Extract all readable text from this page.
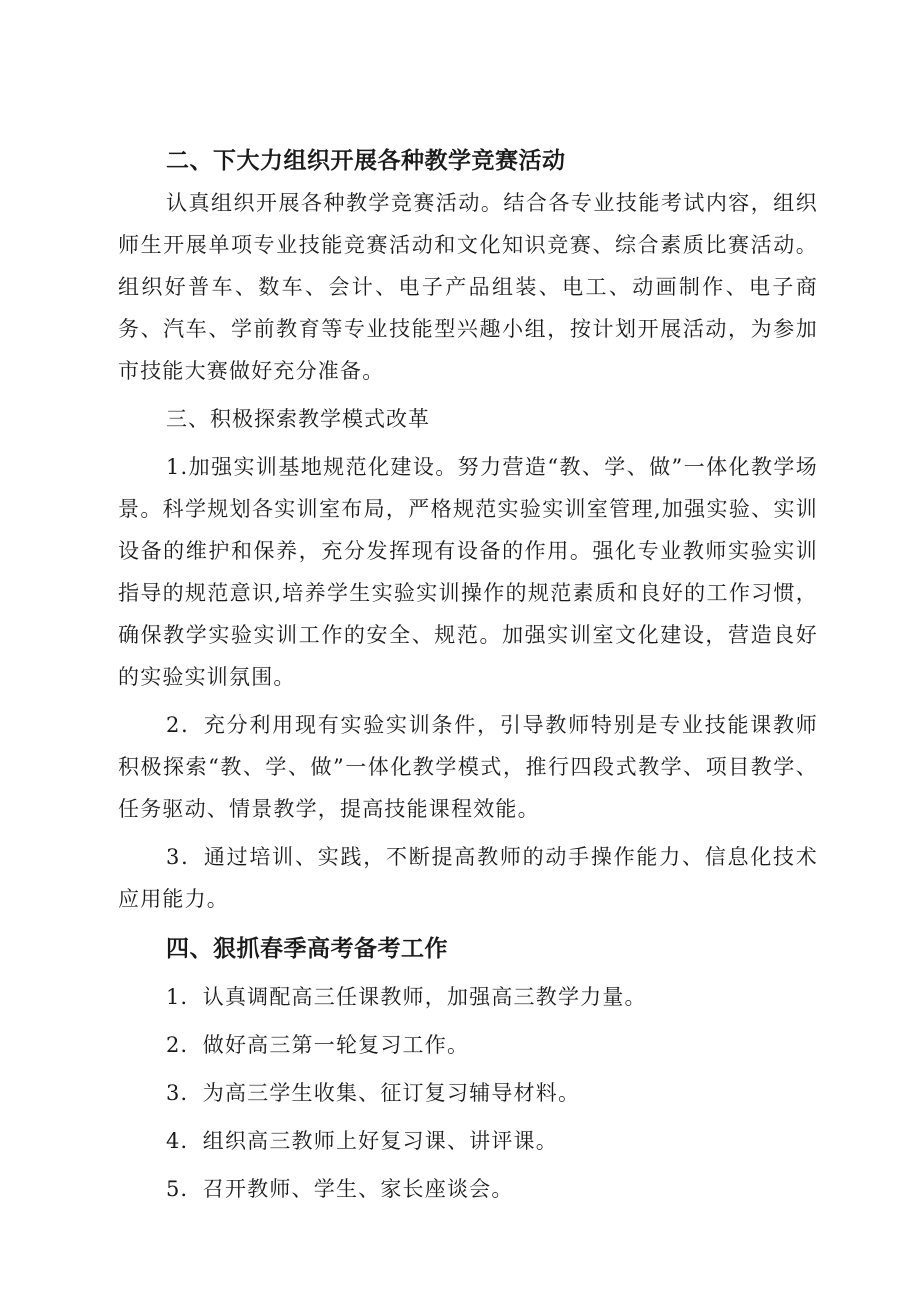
二、下大力组织开展各种教学竞赛活动

认真组织开展各种教学竞赛活动。结合各专业技能考试内容，组织师生开展单项专业技能竞赛活动和文化知识竞赛、综合素质比赛活动。组织好普车、数车、会计、电子产品组装、电工、动画制作、电子商务、汽车、学前教育等专业技能型兴趣小组，按计划开展活动，为参加市技能大赛做好充分准备。

三、积极探索教学模式改革

1.加强实训基地规范化建设。努力营造“教、学、做”一体化教学场景。科学规划各实训室布局，严格规范实验实训室管理,加强实验、实训设备的维护和保养，充分发挥现有设备的作用。强化专业教师实验实训指导的规范意识,培养学生实验实训操作的规范素质和良好的工作习惯，确保教学实验实训工作的安全、规范。加强实训室文化建设，营造良好的实验实训氛围。

2．充分利用现有实验实训条件，引导教师特别是专业技能课教师积极探索“教、学、做”一体化教学模式，推行四段式教学、项目教学、任务驱动、情景教学，提高技能课程效能。

3．通过培训、实践，不断提高教师的动手操作能力、信息化技术应用能力。

四、狠抓春季高考备考工作
1．认真调配高三任课教师，加强高三教学力量。
2．做好高三第一轮复习工作。
3．为高三学生收集、征订复习辅导材料。
4．组织高三教师上好复习课、讲评课。
5．召开教师、学生、家长座谈会。
